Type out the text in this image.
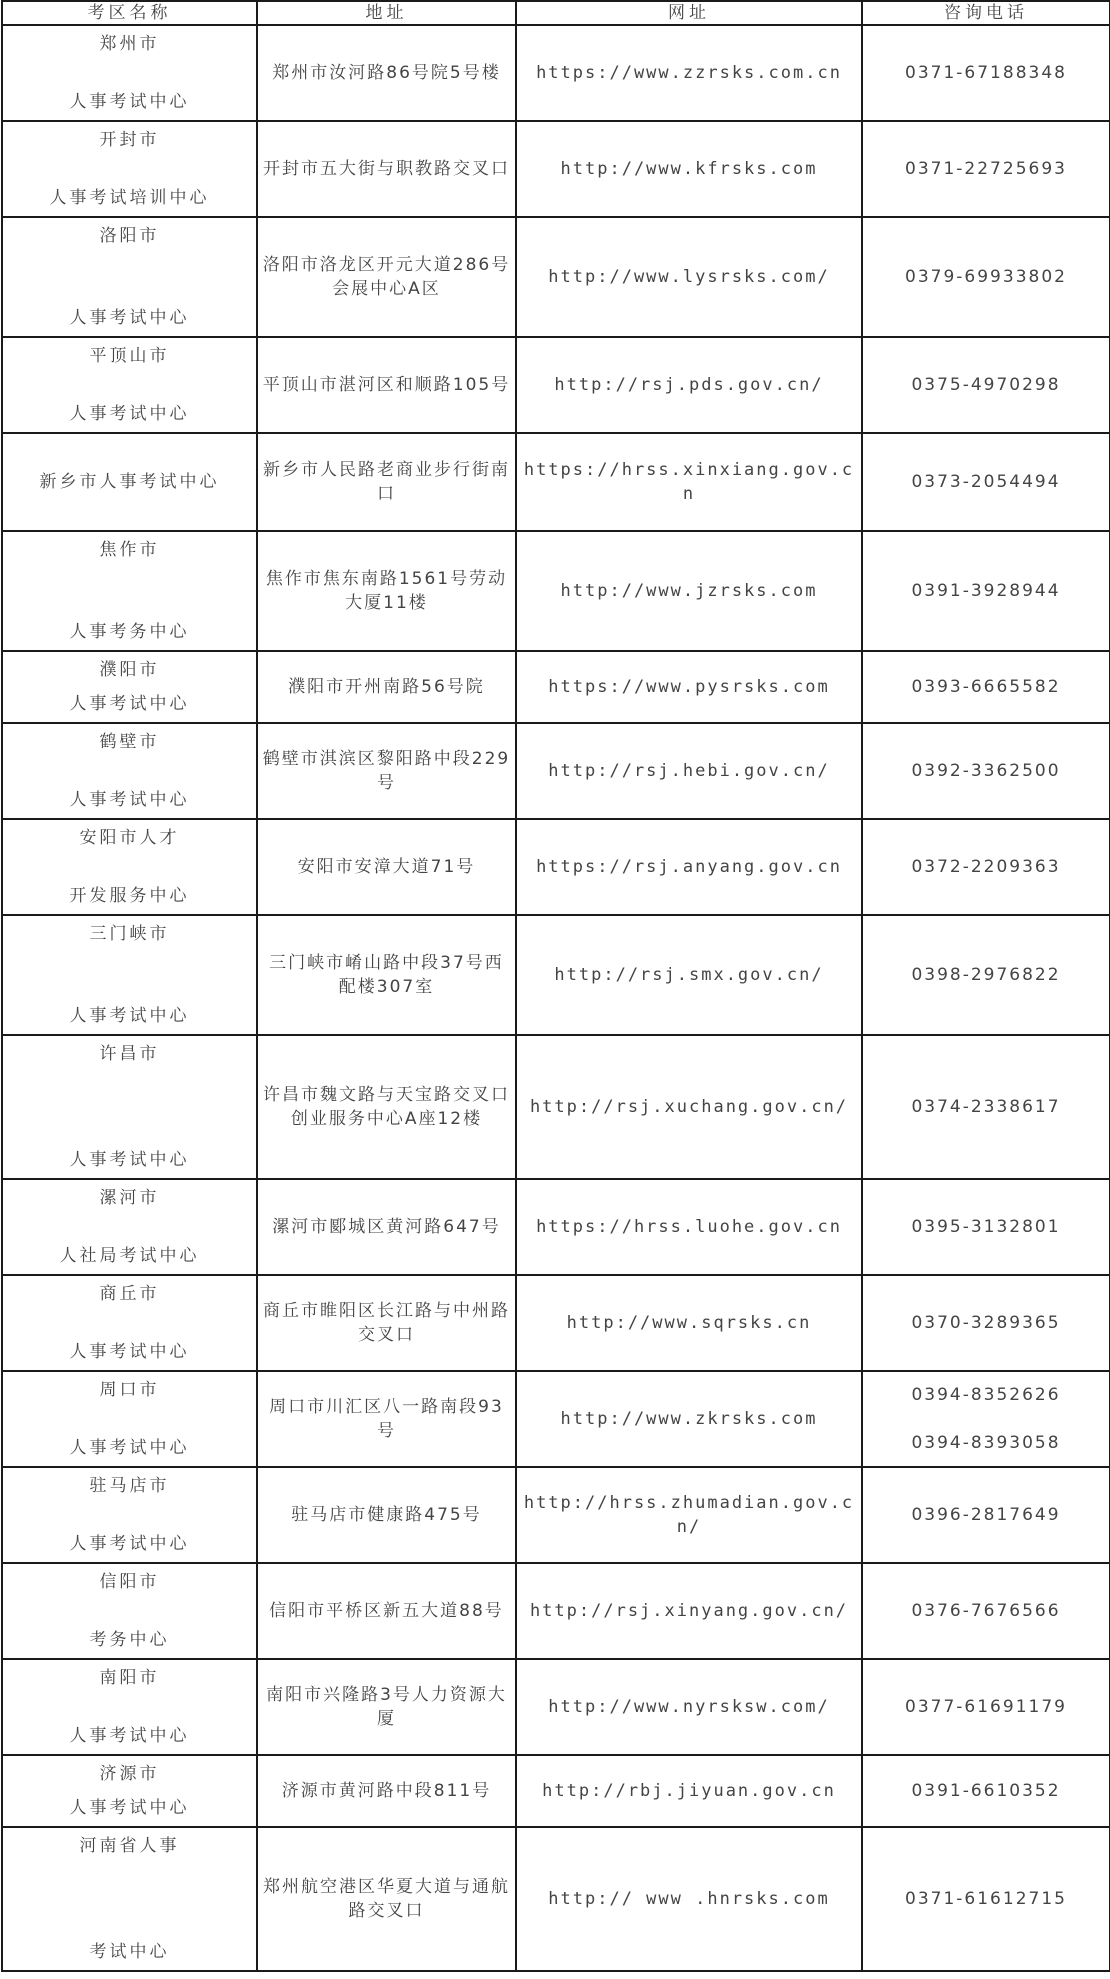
考区名称	地址	网址	咨询电话

郑州市
人事考试中心	郑州市汝河路86号院5号楼	https://www.zzrsks.com.cn	0371-67188348

开封市
人事考试培训中心	开封市五大街与职教路交叉口	http://www.kfrsks.com	0371-22725693

洛阳市
人事考试中心	洛阳市洛龙区开元大道286号会展中心A区	http://www.lysrsks.com/	0379-69933802

平顶山市
人事考试中心	平顶山市湛河区和顺路105号	http://rsj.pds.gov.cn/	0375-4970298

新乡市人事考试中心	新乡市人民路老商业步行街南口	https://hrss.xinxiang.gov.cn	0373-2054494

焦作市
人事考务中心	焦作市焦东南路1561号劳动大厦11楼	http://www.jzrsks.com	0391-3928944

濮阳市
人事考试中心	濮阳市开州南路56号院	https://www.pysrsks.com	0393-6665582

鹤壁市
人事考试中心	鹤壁市淇滨区黎阳路中段229号	http://rsj.hebi.gov.cn/	0392-3362500

安阳市人才
开发服务中心	安阳市安漳大道71号	https://rsj.anyang.gov.cn	0372-2209363

三门峡市
人事考试中心	三门峡市崤山路中段37号西配楼307室	http://rsj.smx.gov.cn/	0398-2976822

许昌市
人事考试中心	许昌市魏文路与天宝路交叉口创业服务中心A座12楼	http://rsj.xuchang.gov.cn/	0374-2338617

漯河市
人社局考试中心	漯河市郾城区黄河路647号	https://hrss.luohe.gov.cn	0395-3132801

商丘市
人事考试中心	商丘市睢阳区长江路与中州路交叉口	http://www.sqrsks.cn	0370-3289365

周口市
人事考试中心	周口市川汇区八一路南段93号	http://www.zkrsks.com	0394-8352626
0394-8393058

驻马店市
人事考试中心	驻马店市健康路475号	http://hrss.zhumadian.gov.cn/	0396-2817649

信阳市
考务中心	信阳市平桥区新五大道88号	http://rsj.xinyang.gov.cn/	0376-7676566

南阳市
人事考试中心	南阳市兴隆路3号人力资源大厦	http://www.nyrsksw.com/	0377-61691179

济源市
人事考试中心	济源市黄河路中段811号	http://rbj.jiyuan.gov.cn	0391-6610352

河南省人事
考试中心	郑州航空港区华夏大道与通航路交叉口	http:// www .hnrsks.com	0371-61612715
